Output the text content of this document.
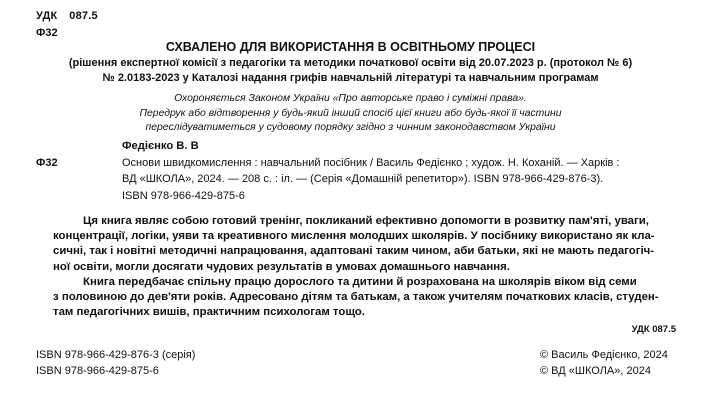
УДК 087.5
Ф32
СХВАЛЕНО ДЛЯ ВИКОРИСТАННЯ В ОСВІТНЬОМУ ПРОЦЕСІ
(рішення експертної комісії з педагогіки та методики початкової освіти від 20.07.2023 р. (протокол № 6)
№ 2.0183-2023 у Каталозі надання грифів навчальній літературі та навчальним програмам
Охороняється Законом України «Про авторське право і суміжні права».
Передрук або відтворення у будь-який інший спосіб цієї книги або будь-якої її частини
переслідуватиметься у судовому порядку згідно з чинним законодавством України
Федієнко В. В
Ф32	Основи швидкомислення : навчальний посібник / Василь Федієнко ; худож. Н. Коханій. — Харків :
ВД «ШКОЛА», 2024. — 208 с. : іл. — (Серія «Домашній репетитор»). ISBN 978-966-429-876-3).
ISBN 978-966-429-875-6

Ця книга являє собою готовий тренінг, покликаний ефективно допомогти в розвитку пам'яті, уваги,

концентрації, логіки, уяви та креативного мислення молодших школярів. У посібнику використано як кла-

сичні, так і новітні методичні напрацювання, адаптовані таким чином, аби батьки, які не мають педагогіч-

ної освіти, могли досягати чудових результатів в умовах домашнього навчання.

Книга передбачає спільну працю дорослого та дитини й розрахована на школярів віком від семи

з половиною до дев'яти років. Адресовано дітям та батькам, а також учителям початкових класів, студен-

там педагогічних вишів, практичним психологам тощо.

УДК 087.5
ISBN 978-966-429-876-3 (серія)
ISBN 978-966-429-875-6
© Василь Федієнко, 2024
© ВД «ШКОЛА», 2024
